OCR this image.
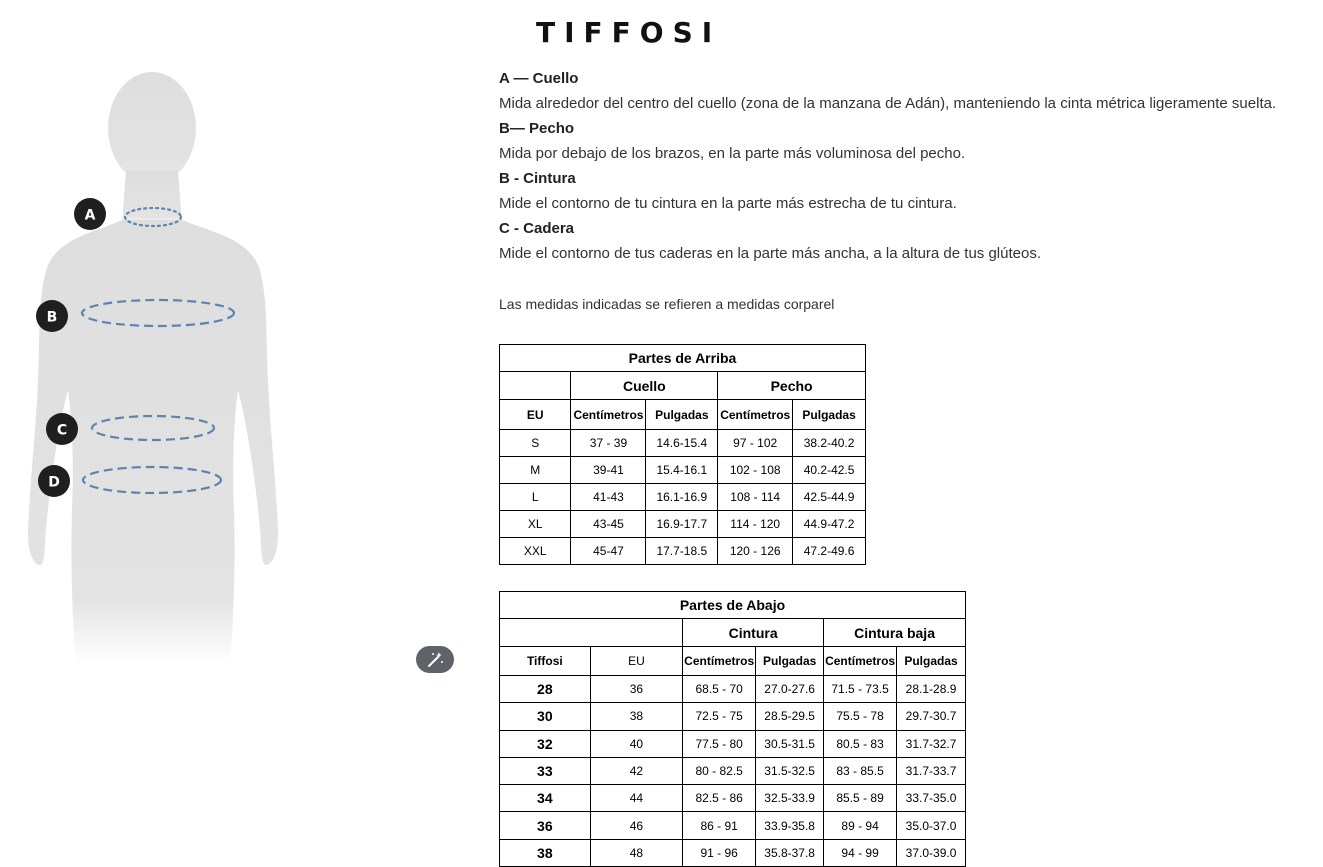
A
B
C
D
TIFFOSI

A — Cuello

Mida alrededor del centro del cuello (zona de la manzana de Adán), manteniendo la cinta métrica ligeramente suelta.

B— Pecho

Mida por debajo de los brazos, en la parte más voluminosa del pecho.

B - Cintura

Mide el contorno de tu cintura en la parte más estrecha de tu cintura.

C - Cadera

Mide el contorno de tus caderas en la parte más ancha, a la altura de tus glúteos.

Las medidas indicadas se refieren a medidas corparel
Partes de Arriba				
	Cuello		Pecho	
EU	Centímetros	Pulgadas	Centímetros	Pulgadas
S	37 - 39	14.6-15.4	97 - 102	38.2-40.2
M	39-41	15.4-16.1	102 - 108	40.2-42.5
L	41-43	16.1-16.9	108 - 114	42.5-44.9
XL	43-45	16.9-17.7	114 - 120	44.9-47.2
XXL	45-47	17.7-18.5	120 - 126	47.2-49.6
Partes de Abajo					
		Cintura		Cintura baja	
Tiffosi	EU	Centímetros	Pulgadas	Centímetros	Pulgadas
28	36	68.5 - 70	27.0-27.6	71.5 - 73.5	28.1-28.9
30	38	72.5 - 75	28.5-29.5	75.5 - 78	29.7-30.7
32	40	77.5 - 80	30.5-31.5	80.5 - 83	31.7-32.7
33	42	80 - 82.5	31.5-32.5	83 - 85.5	31.7-33.7
34	44	82.5 - 86	32.5-33.9	85.5 - 89	33.7-35.0
36	46	86 - 91	33.9-35.8	89 - 94	35.0-37.0
38	48	91 - 96	35.8-37.8	94 - 99	37.0-39.0
